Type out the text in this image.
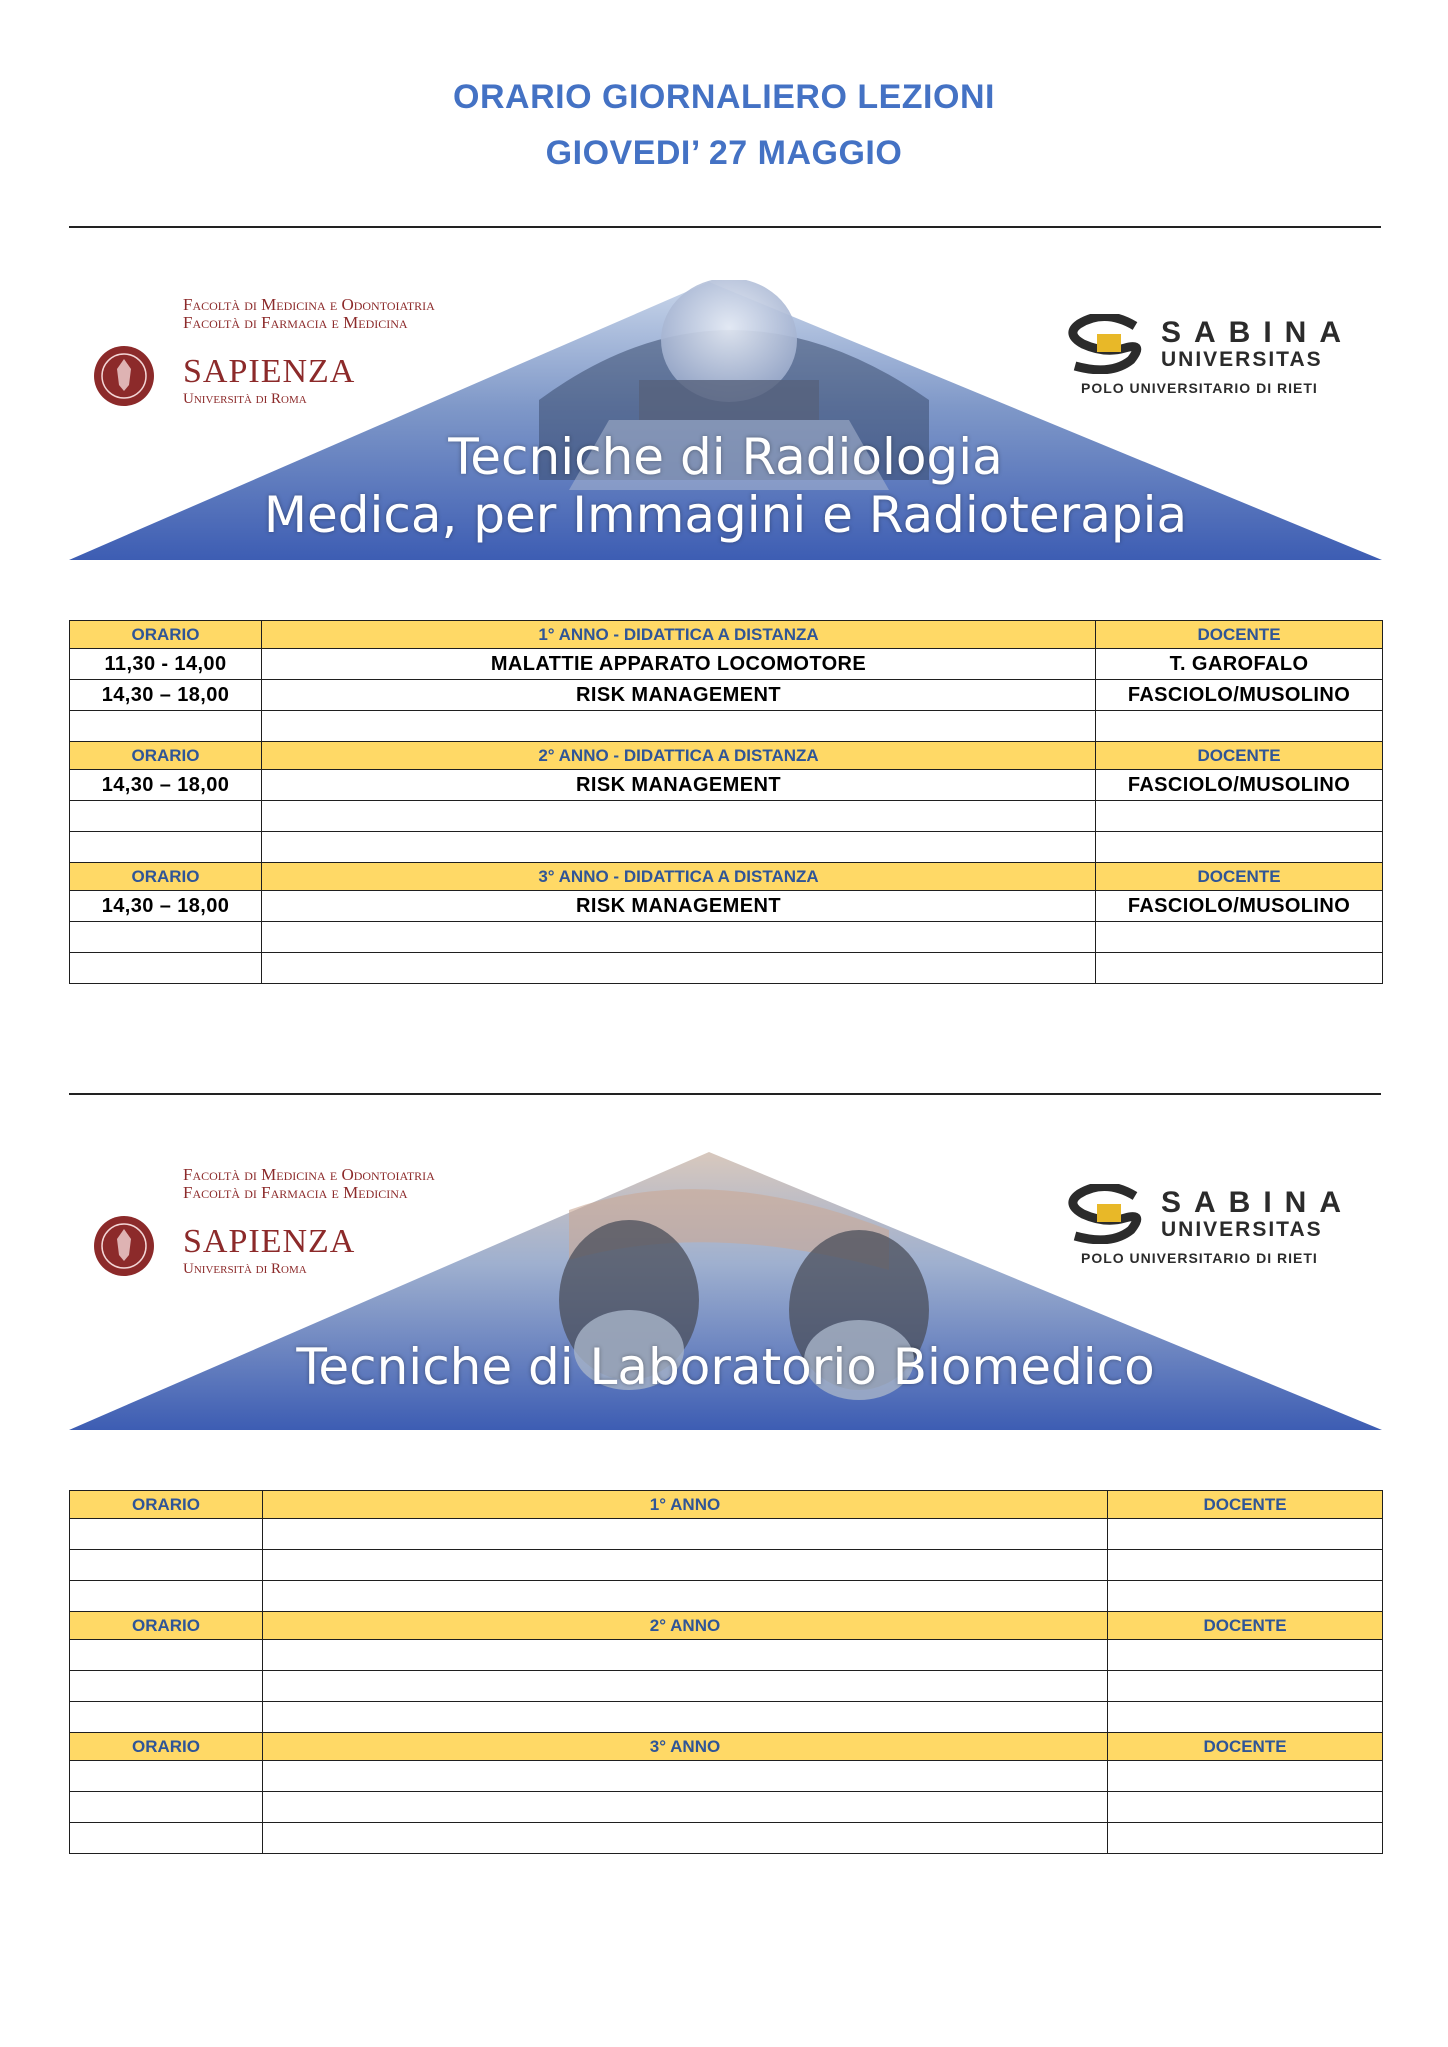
ORARIO GIORNALIERO LEZIONI
GIOVEDI’ 27 MAGGIO
Facoltà di Medicina e Odontoiatria
Facoltà di Farmacia e Medicina
SAPIENZA
Università di Roma
SABINA
UNIVERSITAS
POLO UNIVERSITARIO DI RIETI
Tecniche di Radiologia
Medica, per Immagini e Radioterapia
ORARIO	1° ANNO - DIDATTICA A DISTANZA	DOCENTE
11,30 - 14,00	MALATTIE APPARATO LOCOMOTORE	T. GAROFALO
14,30 – 18,00	RISK MANAGEMENT	FASCIOLO/MUSOLINO

ORARIO	2° ANNO - DIDATTICA A DISTANZA	DOCENTE
14,30 – 18,00	RISK MANAGEMENT	FASCIOLO/MUSOLINO

ORARIO	3° ANNO - DIDATTICA A DISTANZA	DOCENTE
14,30 – 18,00	RISK MANAGEMENT	FASCIOLO/MUSOLINO

Facoltà di Medicina e Odontoiatria
Facoltà di Farmacia e Medicina
SAPIENZA
Università di Roma
SABINA
UNIVERSITAS
POLO UNIVERSITARIO DI RIETI
Tecniche di Laboratorio Biomedico
ORARIO	1° ANNO	DOCENTE

ORARIO	2° ANNO	DOCENTE

ORARIO	3° ANNO	DOCENTE
